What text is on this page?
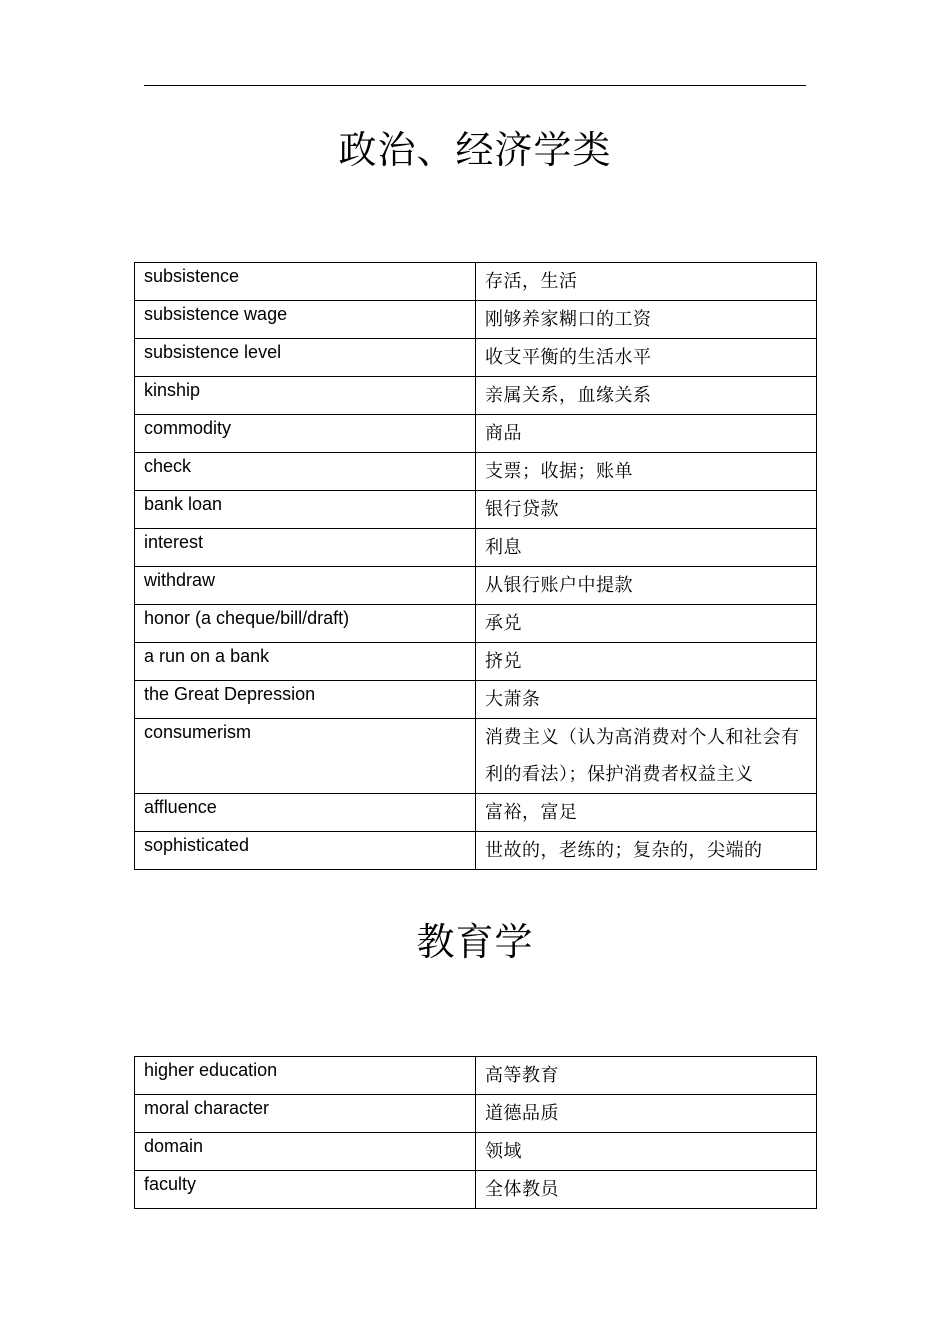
政治、经济学类
subsistence	存活，生活

subsistence wage	刚够养家糊口的工资

subsistence level	收支平衡的生活水平

kinship	亲属关系，血缘关系

commodity	商品

check	支票；收据；账单

bank loan	银行贷款

interest	利息

withdraw	从银行账户中提款

honor (a cheque/bill/draft)	承兑

a run on a bank	挤兑

the Great Depression	大萧条

consumerism	消费主义（认为高消费对个人和社会有利的看法）；保护消费者权益主义

affluence	富裕，富足

sophisticated	世故的，老练的；复杂的，尖端的
教育学
higher education	高等教育

moral character	道德品质

domain	领域

faculty	全体教员
